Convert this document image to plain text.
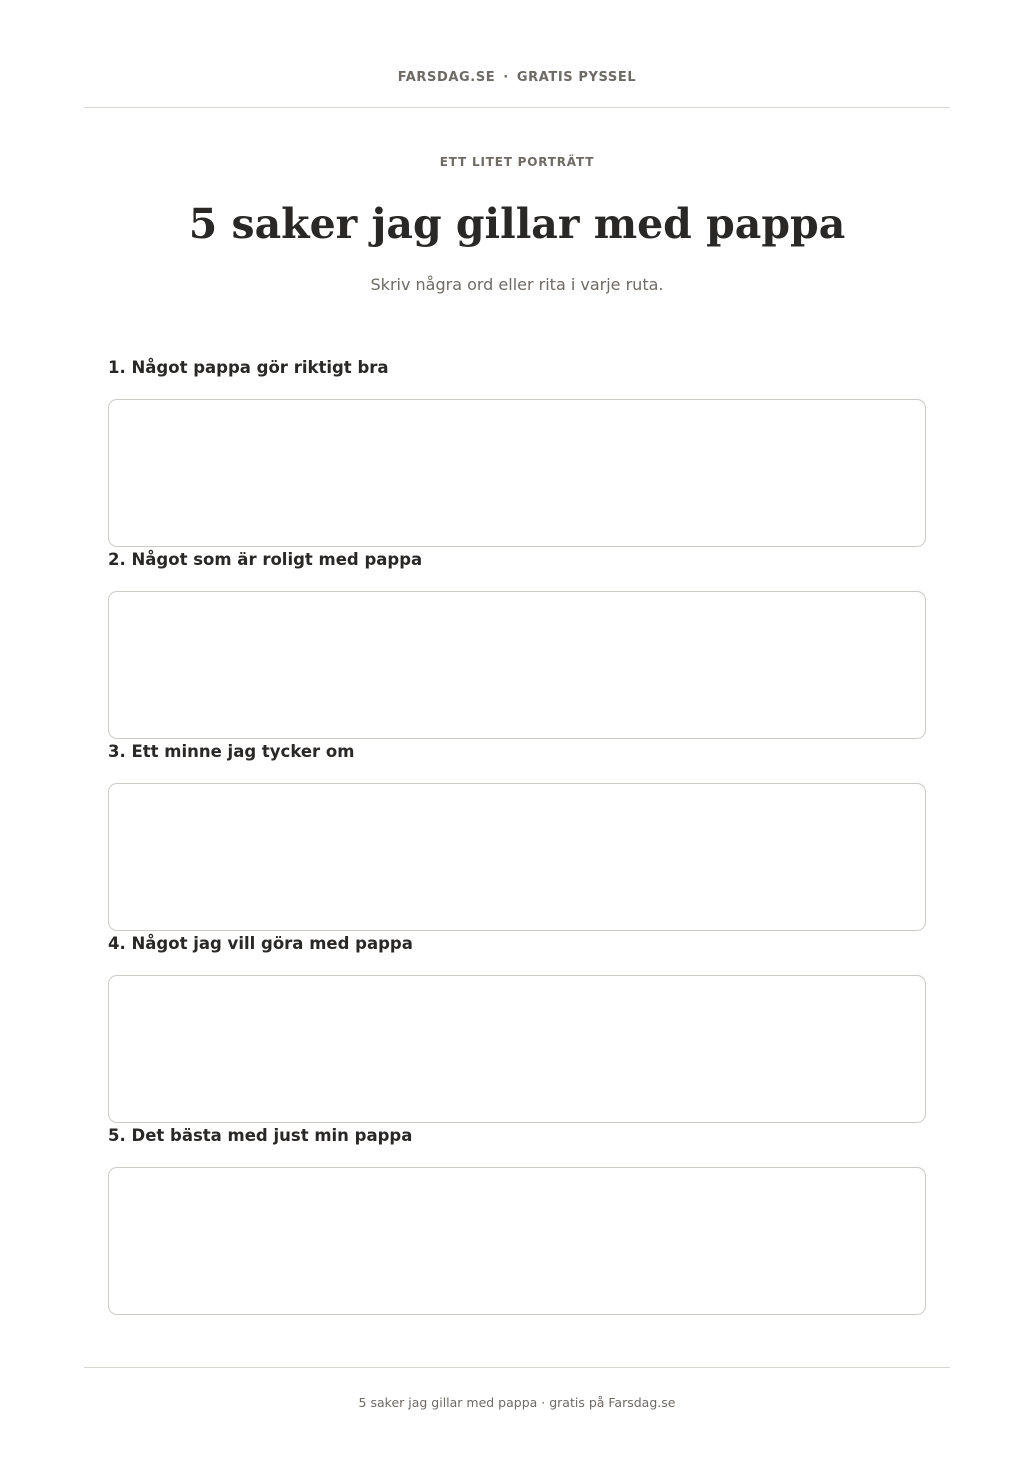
FARSDAG.SE · GRATIS PYSSEL
ETT LITET PORTRÄTT
5 saker jag gillar med pappa
Skriv några ord eller rita i varje ruta.
1. Något pappa gör riktigt bra
2. Något som är roligt med pappa
3. Ett minne jag tycker om
4. Något jag vill göra med pappa
5. Det bästa med just min pappa
5 saker jag gillar med pappa · gratis på Farsdag.se
